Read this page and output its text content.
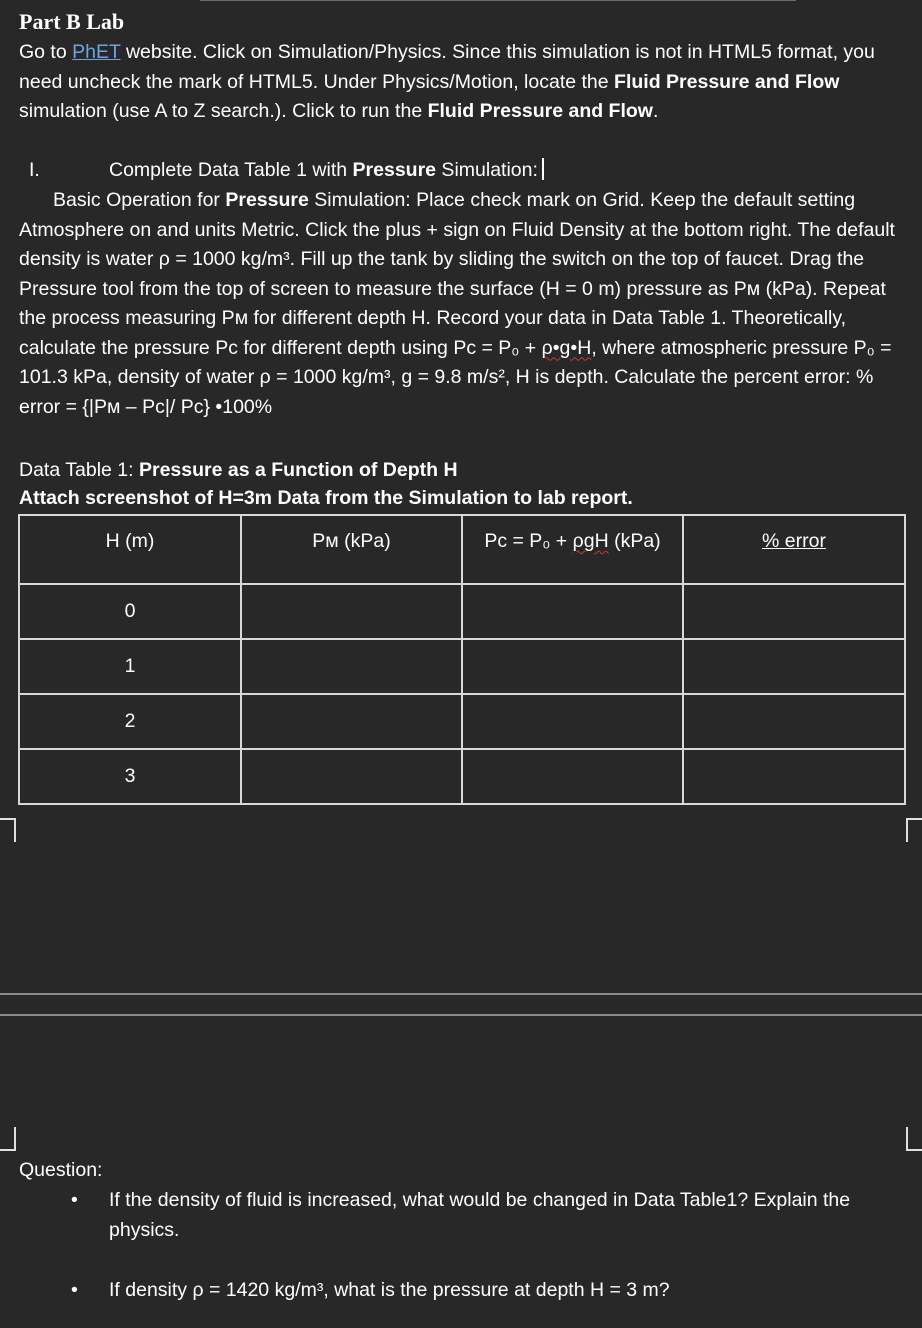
Part B Lab
Go to PhET website. Click on Simulation/Physics. Since this simulation is not in HTML5 format, you need uncheck the mark of HTML5. Under Physics/Motion, locate the Fluid Pressure and Flow simulation (use A to Z search.). Click to run the Fluid Pressure and Flow.
I.	Complete Data Table 1 with Pressure Simulation:
Basic Operation for Pressure Simulation: Place check mark on Grid. Keep the default setting Atmosphere on and units Metric. Click the plus + sign on Fluid Density at the bottom right. The default density is water ρ = 1000 kg/m³. Fill up the tank by sliding the switch on the top of faucet. Drag the Pressure tool from the top of screen to measure the surface (H = 0 m) pressure as Pᴍ (kPa). Repeat the process measuring Pᴍ for different depth H. Record your data in Data Table 1. Theoretically, calculate the pressure Pᴄ for different depth using Pᴄ = P₀ + ρ•g•H, where atmospheric pressure P₀ = 101.3 kPa, density of water ρ = 1000 kg/m³, g = 9.8 m/s², H is depth. Calculate the percent error: % error = {|Pᴍ – Pᴄ|/ Pᴄ} •100%
Data Table 1: Pressure as a Function of Depth H
Attach screenshot of H=3m Data from the Simulation to lab report.
H (m)	Pᴍ (kPa)	Pᴄ = P₀ + ρgH (kPa)	% error
0			
1			
2			
3			
Question:
• If the density of fluid is increased, what would be changed in Data Table1? Explain the physics.
• If density ρ = 1420 kg/m³, what is the pressure at depth H = 3 m?
